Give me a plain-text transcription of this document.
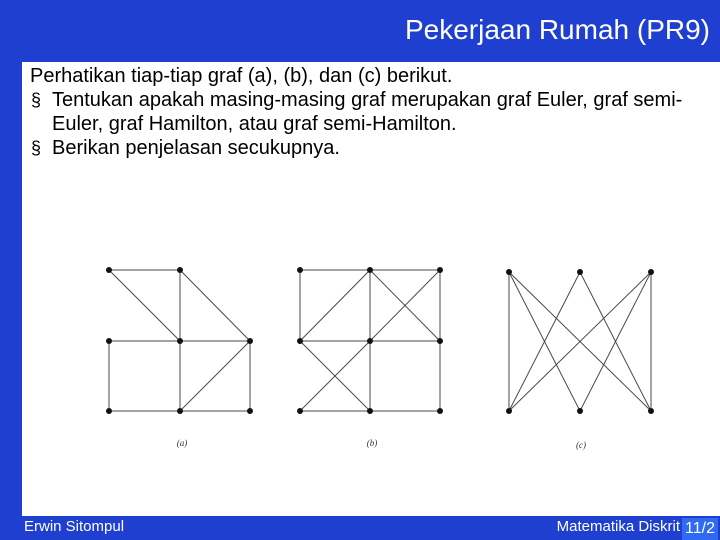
Pekerjaan Rumah (PR9)

Perhatikan tiap-tiap graf (a), (b), dan (c) berikut.

§ Tentukan apakah masing-masing graf merupakan graf Euler, graf semi-Euler, graf Hamilton, atau graf semi-Hamilton.
§ Berikan penjelasan secukupnya.
(a)	(b)	(c)
Erwin Sitompul	Matematika Diskrit 11/2
